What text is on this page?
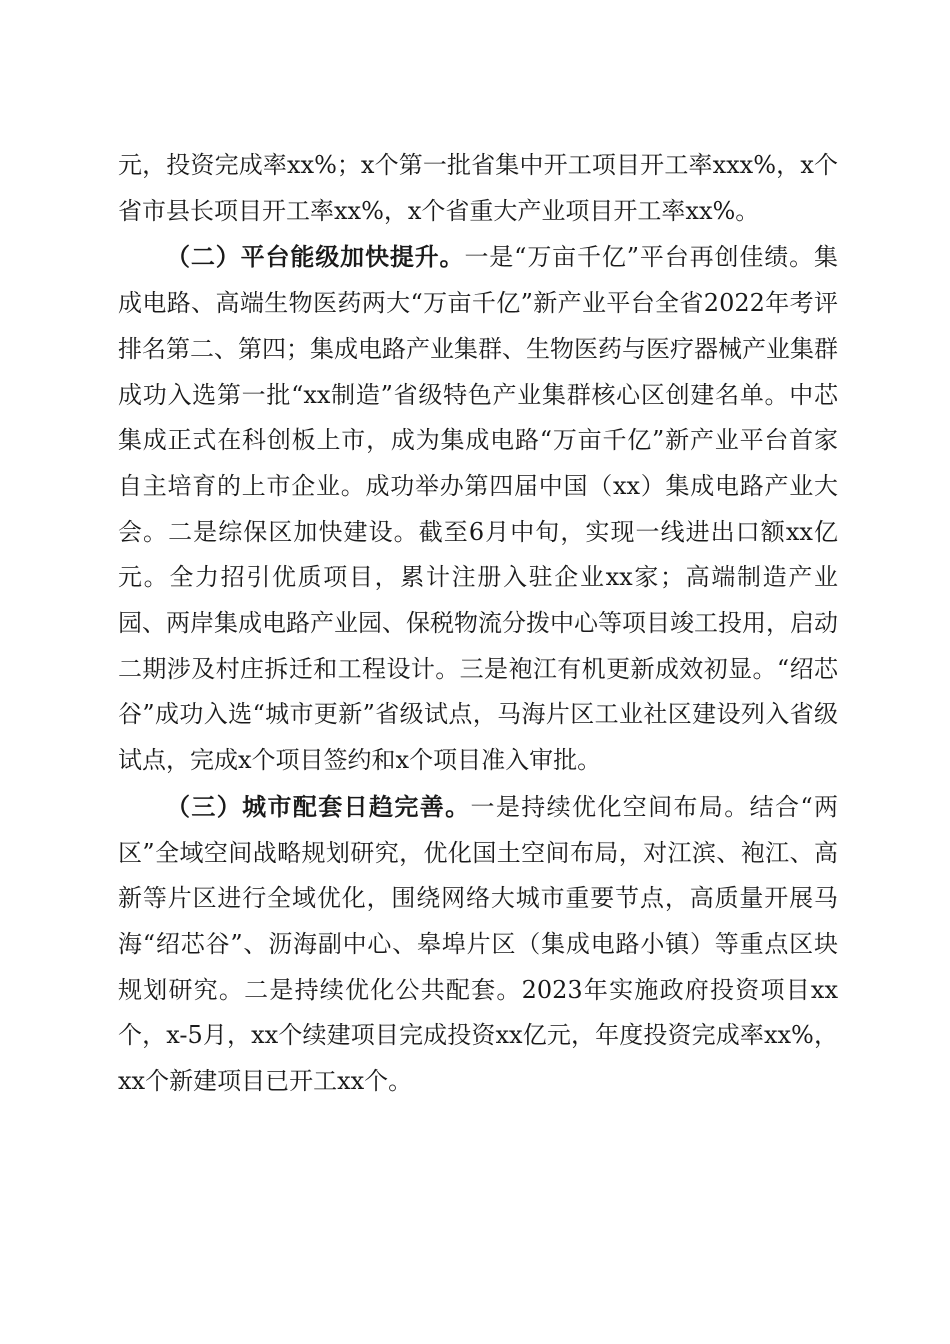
元，投资完成率xx%；x个第一批省集中开工项目开工率xxx%，x个省市县长项目开工率xx%，x个省重大产业项目开工率xx%。

（二）平台能级加快提升。一是“万亩千亿”平台再创佳绩。集成电路、高端生物医药两大“万亩千亿”新产业平台全省2022年考评排名第二、第四；集成电路产业集群、生物医药与医疗器械产业集群成功入选第一批“xx制造”省级特色产业集群核心区创建名单。中芯集成正式在科创板上市，成为集成电路“万亩千亿”新产业平台首家自主培育的上市企业。成功举办第四届中国（xx）集成电路产业大会。二是综保区加快建设。截至6月中旬，实现一线进出口额xx亿元。全力招引优质项目，累计注册入驻企业xx家；高端制造产业园、两岸集成电路产业园、保税物流分拨中心等项目竣工投用，启动二期涉及村庄拆迁和工程设计。三是袍江有机更新成效初显。“绍芯谷”成功入选“城市更新”省级试点，马海片区工业社区建设列入省级试点，完成x个项目签约和x个项目准入审批。

（三）城市配套日趋完善。一是持续优化空间布局。结合“两区”全域空间战略规划研究，优化国土空间布局，对江滨、袍江、高新等片区进行全域优化，围绕网络大城市重要节点，高质量开展马海“绍芯谷”、沥海副中心、皋埠片区（集成电路小镇）等重点区块规划研究。二是持续优化公共配套。2023年实施政府投资项目xx个，x-5月，xx个续建项目完成投资xx亿元，年度投资完成率xx%，xx个新建项目已开工xx个。
